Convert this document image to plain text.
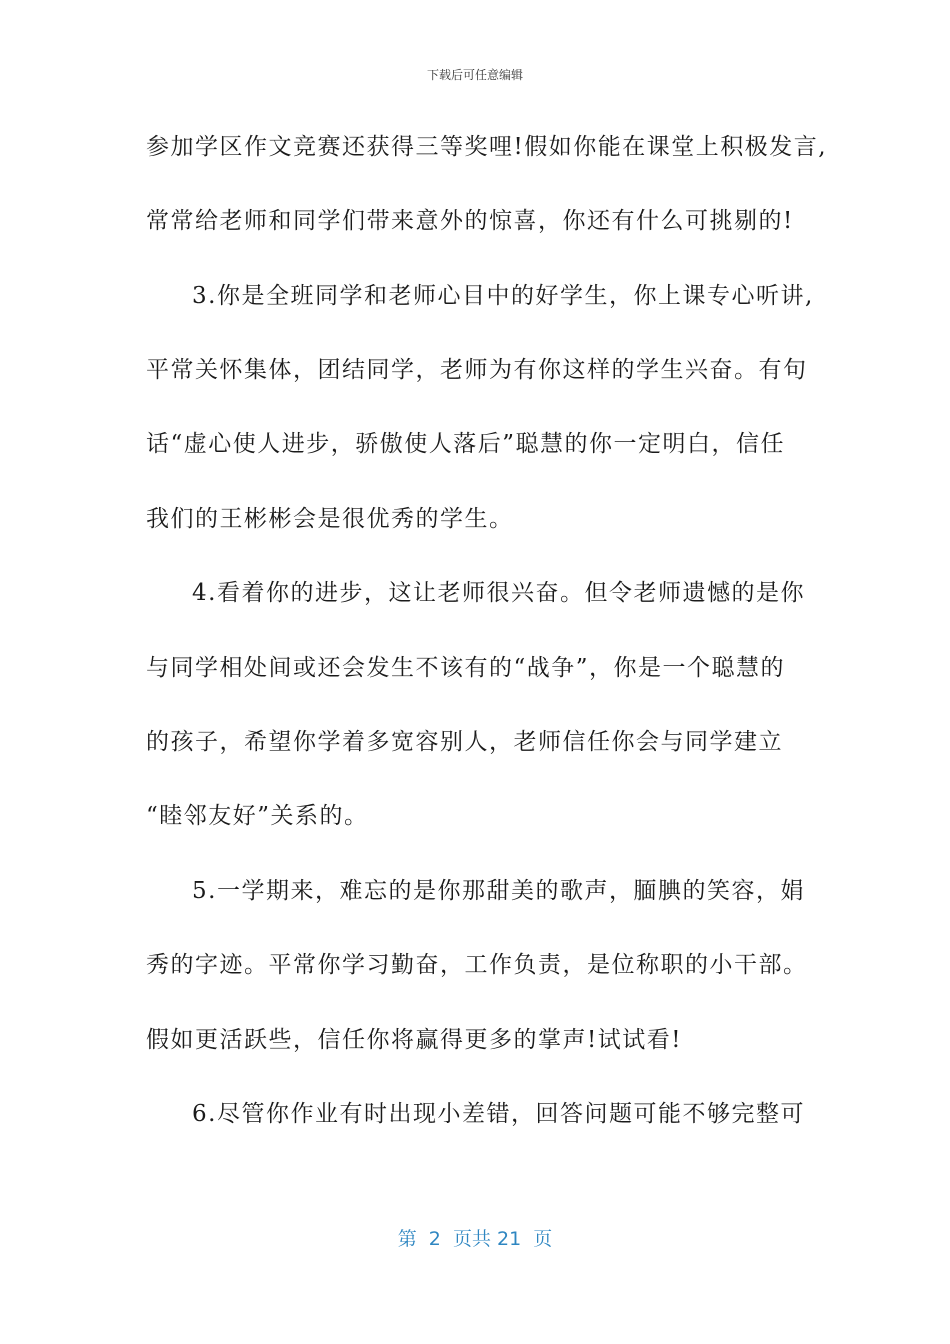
下载后可任意编辑
参加学区作文竞赛还获得三等奖哩!假如你能在课堂上积极发言,
常常给老师和同学们带来意外的惊喜，你还有什么可挑剔的!
3.你是全班同学和老师心目中的好学生，你上课专心听讲,
平常关怀集体，团结同学，老师为有你这样的学生兴奋。有句
话“虚心使人进步，骄傲使人落后”聪慧的你一定明白，信任
我们的王彬彬会是很优秀的学生。
4.看着你的进步，这让老师很兴奋。但令老师遗憾的是你
与同学相处间或还会发生不该有的“战争”，你是一个聪慧的
的孩子，希望你学着多宽容别人，老师信任你会与同学建立
“睦邻友好”关系的。
5.一学期来，难忘的是你那甜美的歌声，腼腆的笑容，娟
秀的字迹。平常你学习勤奋，工作负责，是位称职的小干部。
假如更活跃些，信任你将赢得更多的掌声!试试看!
6.尽管你作业有时出现小差错，回答问题可能不够完整可
第  2  页共 21  页
